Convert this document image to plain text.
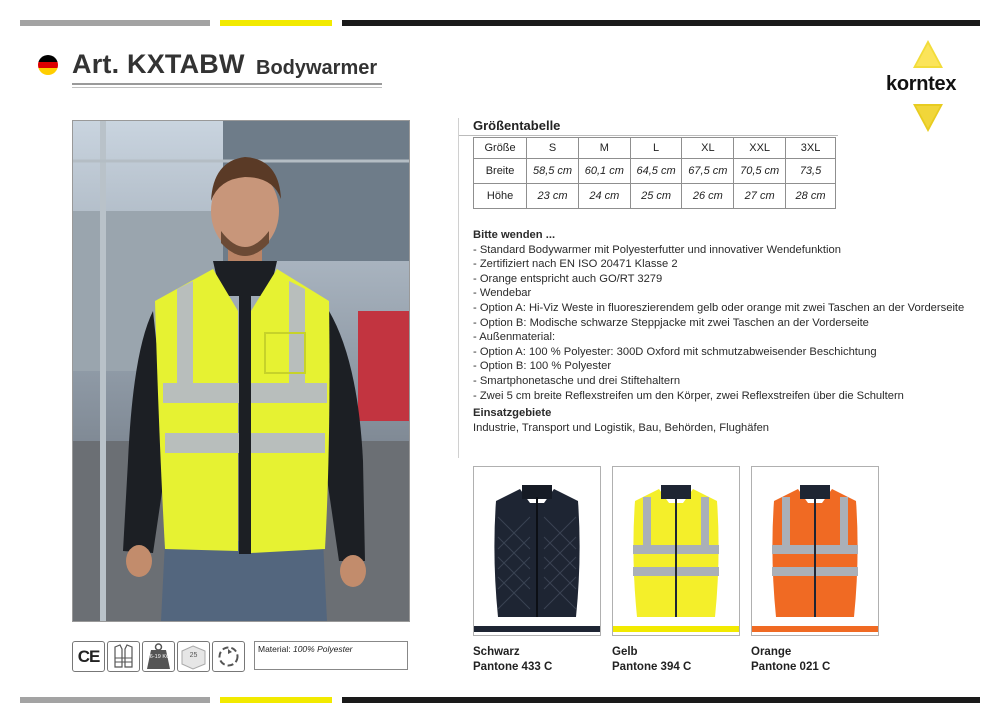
Art. KXTABW Bodywarmer
korntex
Größentabelle
Größe	S	M	L	XL	XXL	3XL
Breite	58,5 cm	60,1 cm	64,5 cm	67,5 cm	70,5 cm	73,5
Höhe	23 cm	24 cm	25 cm	26 cm	27 cm	28 cm
Bitte wenden ...
- Standard Bodywarmer mit Polyesterfutter und innovativer Wendefunktion
- Zertifiziert nach EN ISO 20471 Klasse 2
- Orange entspricht auch GO/RT 3279
- Wendebar
- Option A: Hi-Viz Weste in fluoreszierendem gelb oder orange mit zwei Taschen an der Vorderseite
- Option B: Modische schwarze Steppjacke mit zwei Taschen an der Vorderseite
- Außenmaterial:
- Option A: 100 % Polyester: 300D Oxford mit schmutzabweisender Beschichtung
- Option B: 100 % Polyester
- Smartphonetasche und drei Stiftehaltern
- Zwei 5 cm breite Reflexstreifen um den Körper, zwei Reflexstreifen über die Schultern
Einsatzgebiete
Industrie, Transport und Logistik, Bau, Behörden, Flughäfen
Schwarz
Pantone 433 C
Gelb
Pantone 394 C
Orange
Pantone 021 C
CE	16-19 KG	25
Material: 100% Polyester
